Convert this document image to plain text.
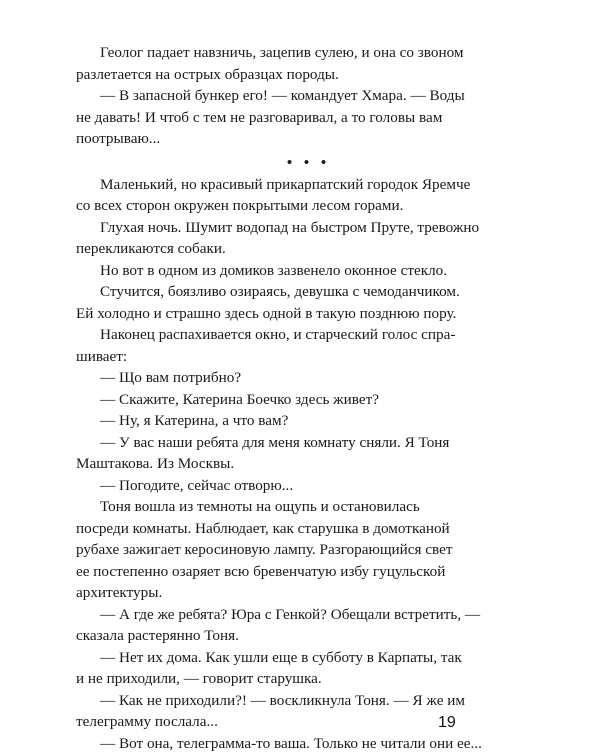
Геолог падает навзничь, зацепив сулею, и она со звоном
разлетается на острых образцах породы.

— В запасной бункер его! — командует Хмара. — Воды
не давать! И чтоб с тем не разговаривал, а то головы вам
поотрываю...

• • •

Маленький, но красивый прикарпатский городок Яремче
со всех сторон окружен покрытыми лесом горами.

Глухая ночь. Шумит водопад на быстром Пруте, тревожно
перекликаются собаки.

Но вот в одном из домиков зазвенело оконное стекло.

Стучится, боязливо озираясь, девушка с чемоданчиком.
Ей холодно и страшно здесь одной в такую позднюю пору.

Наконец распахивается окно, и старческий голос спра-
шивает:

— Що вам потрибно?

— Скажите, Катерина Боечко здесь живет?

— Ну, я Катерина, а что вам?

— У вас наши ребята для меня комнату сняли. Я Тоня
Маштакова. Из Москвы.

— Погодите, сейчас отворю...

Тоня вошла из темноты на ощупь и остановилась
посреди комнаты. Наблюдает, как старушка в домотканой
рубахе зажигает керосиновую лампу. Разгорающийся свет
ее постепенно озаряет всю бревенчатую избу гуцульской
архитектуры.

— А где же ребята? Юра с Генкой? Обещали встретить, —
сказала растерянно Тоня.

— Нет их дома. Как ушли еще в субботу в Карпаты, так
и не приходили, — говорит старушка.

— Как не приходили?! — воскликнула Тоня. — Я же им
телеграмму послала...

— Вот она, телеграмма-то ваша. Только не читали они ее...

19
